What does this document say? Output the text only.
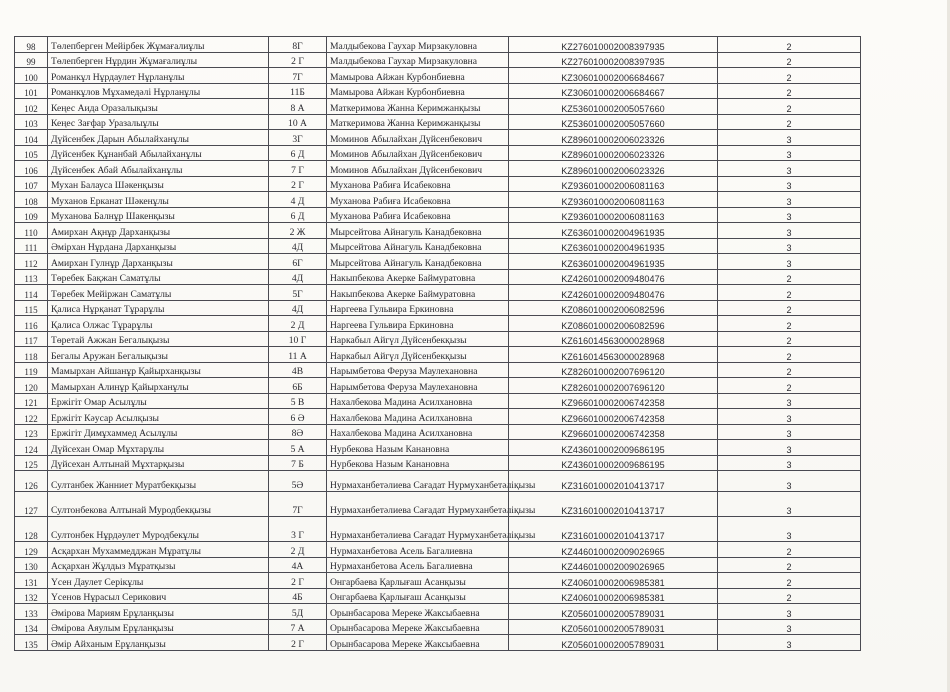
98	Төлепберген Мейірбек Жұмағалиұлы	8Г	Малдыбекова Гаухар Мирзакуловна	KZ276010002008397935	2
99	Төлепберген Нұрдин Жұмағалиұлы	2 Г	Малдыбекова Гаухар Мирзакуловна	KZ276010002008397935	2
100	Романкұл Нұрдаулет Нұрланұлы	7Г	Мамырова Айжан Курбонбиевна	KZ306010002006684667	2
101	Романкұлов Мұхамедәлі Нұрланұлы	11Б	Мамырова Айжан Курбонбиевна	KZ306010002006684667	2
102	Кеңес Аида Оразалықызы	8 А	Маткеримова Жанна Керимжанқызы	KZ536010002005057660	2
103	Кеңес Зағфар Уразалыұлы	10 А	Маткеримова Жанна Керимжанқызы	KZ536010002005057660	2
104	Дүйсенбек Дарын Абылайханұлы	3Г	Моминов Абылайхан Дүйсенбекович	KZ896010002006023326	3
105	Дүйсенбек Құнанбай Абылайханұлы	6 Д	Моминов Абылайхан Дүйсенбекович	KZ896010002006023326	3
106	Дүйсенбек Абай Абылайханұлы	7 Г	Моминов Абылайхан Дүйсенбекович	KZ896010002006023326	3
107	Мухан Балауса Шәкенқызы	2 Г	Муханова Рабиға Исабековна	KZ936010002006081163	3
108	Муханов Ерканат Шәкенұлы	4 Д	Муханова Рабиға Исабековна	KZ936010002006081163	3
109	Муханова Балнұр Шакенқызы	6 Д	Муханова Рабиға Исабековна	KZ936010002006081163	3
110	Амирхан Ақнұр Дарханқызы	2 Ж	Мырсейтова Айнагуль Канадбековна	KZ636010002004961935	3
111	Әмірхан Нұрдана Дарханқызы	4Д	Мырсейтова Айнагуль Канадбековна	KZ636010002004961935	3
112	Амирхан Гулнұр Дарханқызы	6Г	Мырсейтова Айнагуль Канадбековна	KZ636010002004961935	3
113	Төребек Бақжан Саматұлы	4Д	Накыпбекова Акерке Баймуратовна	KZ426010002009480476	2
114	Төребек Мейіржан Саматұлы	5Г	Накыпбекова Акерке Баймуратовна	KZ426010002009480476	2
115	Қалиса Нұрқанат Тұрарұлы	4Д	Наргеева Гульвира Еркиновна	KZ086010002006082596	2
116	Қалиса Олжас Тұрарұлы	2 Д	Наргеева Гульвира Еркиновна	KZ086010002006082596	2
117	Төретай Ажжан Бегалықызы	10 Г	Наркабыл Айгүл Дүйсенбекқызы	KZ616014563000028968	2
118	Бегалы Аружан Бегалықызы	11 А	Наркабыл Айгүл Дүйсенбекқызы	KZ616014563000028968	2
119	Мамырхан Айшанұр Қайырханқызы	4В	Нарымбетова Феруза Маулехановна	KZ826010002007696120	2
120	Мамырхан Алинұр Қайырханұлы	6Б	Нарымбетова Феруза Маулехановна	KZ826010002007696120	2
121	Ержігіт Омар Асылұлы	5 В	Нахалбекова Мадина Асилхановна	KZ966010002006742358	3
122	Ержігіт Кәусар Асылқызы	6 Ә	Нахалбекова Мадина Асилхановна	KZ966010002006742358	3
123	Ержігіт Димұхаммед Асылұлы	8Ә	Нахалбекова Мадина Асилхановна	KZ966010002006742358	3
124	Дүйсехан Омар Мұхтарұлы	5 А	Нурбекова Назым Канановна	KZ436010002009686195	3
125	Дүйсехан Алтынай Мұхтарқызы	7 Б	Нурбекова Назым Канановна	KZ436010002009686195	3
126	Султанбек Жанниет Муратбекқызы	5Ә	Нурмаханбетәлиева Сағадат Нурмуханбетәліқызы	KZ316010002010413717	3
127	Султонбекова Алтынай Муродбекқызы	7Г	Нурмаханбетәлиева Сағадат Нурмуханбетәліқызы	KZ316010002010413717	3
128	Султонбек Нұрдәулет Муродбекұлы	3 Г	Нурмаханбетәлиева Сағадат Нурмуханбетәліқызы	KZ316010002010413717	3
129	Асқархан Мухаммедджан Мұратұлы	2 Д	Нурмаханбетова Асель Багалиевна	KZ446010002009026965	2
130	Асқархан Жұлдыз Мұратқызы	4А	Нурмаханбетова Асель Багалиевна	KZ446010002009026965	2
131	Үсен Даулет Серікұлы	2 Г	Онгарбаева Қарлығаш Асанқызы	KZ406010002006985381	2
132	Үсенов Нұрасыл Серикович	4Б	Онгарбаева Қарлығаш Асанқызы	KZ406010002006985381	2
133	Әмірова Мариям Ерұланқызы	5Д	Орынбасарова Мереке Жаксыбаевна	KZ056010002005789031	3
134	Әмірова Аяулым Ерұланқызы	7 А	Орынбасарова Мереке Жаксыбаевна	KZ056010002005789031	3
135	Әмір Айханым Ерұланқызы	2 Г	Орынбасарова Мереке Жаксыбаевна	KZ056010002005789031	3
